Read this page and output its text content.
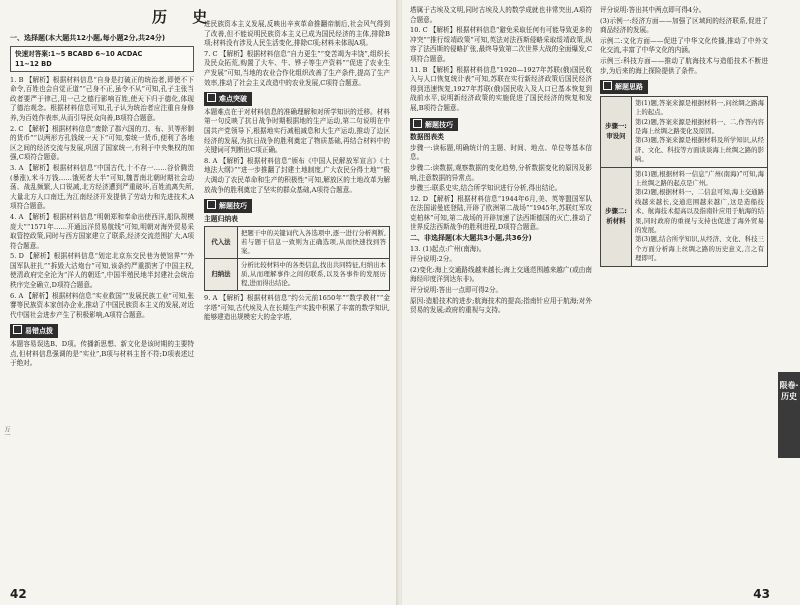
历 史
万一

一、选择题(本大题共12小题,每小题2分,共24分)

快速对答案:1~5 BCABD 6~10 ACDAC
11~12 BD

1. B 【解析】根据材料信息“自身是打破正的统治者,即使不下命令,百姓也会自觉正道”“己身不正,虽令不从”可知,孔子主张当政者要严于律己,用一己之德行影响百姓,使天下归于德化,体现了德治观念。根据材料信息可知,孔子认为统治者应注重自身修养,为百姓作表率,从而引导民众向善,B项符合题意。

2. C 【解析】根据材料信息“废除了郡六国的刀、布、贝等形制的货币”“以两形方孔钱统一天下”可知,秦统一货币,便利了各地区之间的经济交流与发展,巩固了国家统一,有利于中央集权的加强,C项符合题意。

3. A 【解析】根据材料信息“中国古代,十不存一……谷价腾贵(暴涨),米斗万钱……饿死者大半”可知,魏晋南北朝时期社会动荡、战乱频繁,人口锐减,北方经济遭到严重破坏,百姓流离失所,大量北方人口南迁,为江南经济开发提供了劳动力和先进技术,A项符合题意。

4. A 【解析】根据材料信息“明朝郑和奉命出使西洋,船队规模庞大”“1571年……开通远洋贸易航线”可知,明朝对海外贸易采取管控政策,同时与西方国家建立了联系,经济交流范围扩大,A项符合题意。

5. D 【解析】根据材料信息“划定北京东交民巷为使馆界”“外国军队驻扎”“拆毁大沽炮台”可知,该条约严重损害了中国主权,使清政府完全沦为“洋人的朝廷”,中国半殖民地半封建社会统治秩序完全确立,D项符合题意。

6. A 【解析】根据材料信息“实业救国”“发展民族工业”可知,张謇等民族资本家创办企业,推动了中国民族资本主义的发展,对近代中国社会进步产生了积极影响,A项符合题意。

易错点拨

本题容易误选B、D项。传播新思想、新文化是该时期的主要特点,但材料信息强调的是“实业”,B项与材料主旨不符;D项表述过于绝对。

进民族资本主义发展,反映出辛亥革命推翻帝制后,社会风气得到了改善,但不能说明民族资本主义已成为国民经济的主体,排除B项;材料没有涉及人民生活变化,排除C项;材料未体现A项。

7. C 【解析】根据材料信息“自力更生”“变苦竭为丰饶”,组织长及民众拓荒,购置了大车、牛、铧子等生产资料”“促进了农业生产发展”可知,当地的农业合作化组织改善了生产条件,提高了生产效率,推动了社会主义改造中的农业发展,C项符合题意。

难点突破

本题难点在于对材料信息的准确理解和对所学知识的迁移。材料第一句反映了抗日战争时期根据地的生产运动,第二句说明在中国共产党领导下,根据地实行减租减息和大生产运动,推动了边区经济的发展,为抗日战争的胜利奠定了物质基础,再结合材料中的关键词可判断出C项正确。

8. A 【解析】根据材料信息“颁布《中国人民解放军宣言》《土地法大纲》”“进一步推翻了封建土地制度,广大农民分得土地”“极大调动了农民革命和生产的积极性”可知,解放区的土地改革为解放战争的胜利奠定了坚实的群众基础,A项符合题意。

解题技巧

主题归纳表

代入法	把题干中的关键词代入各选项中,逐一进行分析判断,若与题干信息一致则为正确选项,从而快速找到答案。
归纳法	分析比较材料中的各类信息,找出共同特征,归纳出本质,从而理解事件之间的联系,以及各事件的发展历程,进而得出结论。

9. A 【解析】根据材料信息“约公元前1650年”“数学教材”“金字塔”可知,古代埃及人在长期生产实践中积累了丰富的数学知识,能够建造出规模宏大的金字塔,

42

塔属于古埃及文明,同时古埃及人的数学成就也非常突出,A项符合题意。

10. C 【解析】根据材料信息“避免采取任何有可能导致更多的冲突”“推行绥靖政策”可知,英法对法西斯侵略采取绥靖政策,纵容了法西斯的侵略扩张,最终导致第二次世界大战的全面爆发,C项符合题意。

11. B 【解析】根据材料信息“1920—1927年苏联(俄)国民收入与人口恢复统计表”可知,苏联在实行新经济政策后国民经济得到迅速恢复,1927年苏联(俄)国民收入及人口已基本恢复到战前水平,说明新经济政策的实施促进了国民经济的恢复和发展,B项符合题意。

解题技巧

数据图表类

步骤一:读标题,明确统计的主题、时间、地点、单位等基本信息。

步骤二:读数据,观察数据的变化趋势,分析数据变化的原因及影响,注意数据的异常点。

步骤三:联系史实,结合所学知识进行分析,得出结论。

12. D 【解析】根据材料信息“1944年6月,美、英等盟国军队在法国诺曼底登陆,开辟了欧洲第二战场”“1945年,苏联红军攻克柏林”可知,第二战场的开辟加速了法西斯德国的灭亡,推动了世界反法西斯战争的胜利进程,D项符合题意。

二、非选择题(本大题共3小题,共36分)

13. (1)起点:广州(南海)。

评分说明:2分。

(2)变化:海上交通路线越来越长;海上交通范围越来越广(或由南海经印度洋到达东非)。

评分说明:答出一点即可得2分。

原因:造船技术的进步;航海技术的提高;指南针应用于航海;对外贸易的发展;政府的重视与支持。

评分说明:答出其中两点即可得4分。

(3)示例一:经济方面——加强了区域间的经济联系,促进了商品经济的发展。

示例二:文化方面——促进了中华文化传播,推动了中外文化交流,丰富了中华文化的内涵。

示例三:科技方面——推动了航海技术与造船技术不断进步,为后来的海上探险提供了条件。

解题思路
步骤一:审设问	第(1)题,答案来源是根据材料一,问丝绸之路海上的起点。
第(2)题,答案来源是根据材料一、二,作答内容是海上丝绸之路变化及原因。
第(3)题,答案来源是根据材料及所学知识,从经济、文化、科技等方面谈谈海上丝绸之路的影响。

步骤二:析材料	第(1)题,根据材料一信息“广州(南海)”可知,海上丝绸之路的起点是广州。
第(2)题,根据材料一、二信息可知,海上交通路线越来越长,交通范围越来越广,这是造船技术、航海技术提高以及指南针应用于航海的结果,同时政府的重视与支持也促进了海外贸易的发展。
第(3)题,结合所学知识,从经济、文化、科技三个方面分析海上丝绸之路的历史意义,言之有理即可。
限卷·历史
43
